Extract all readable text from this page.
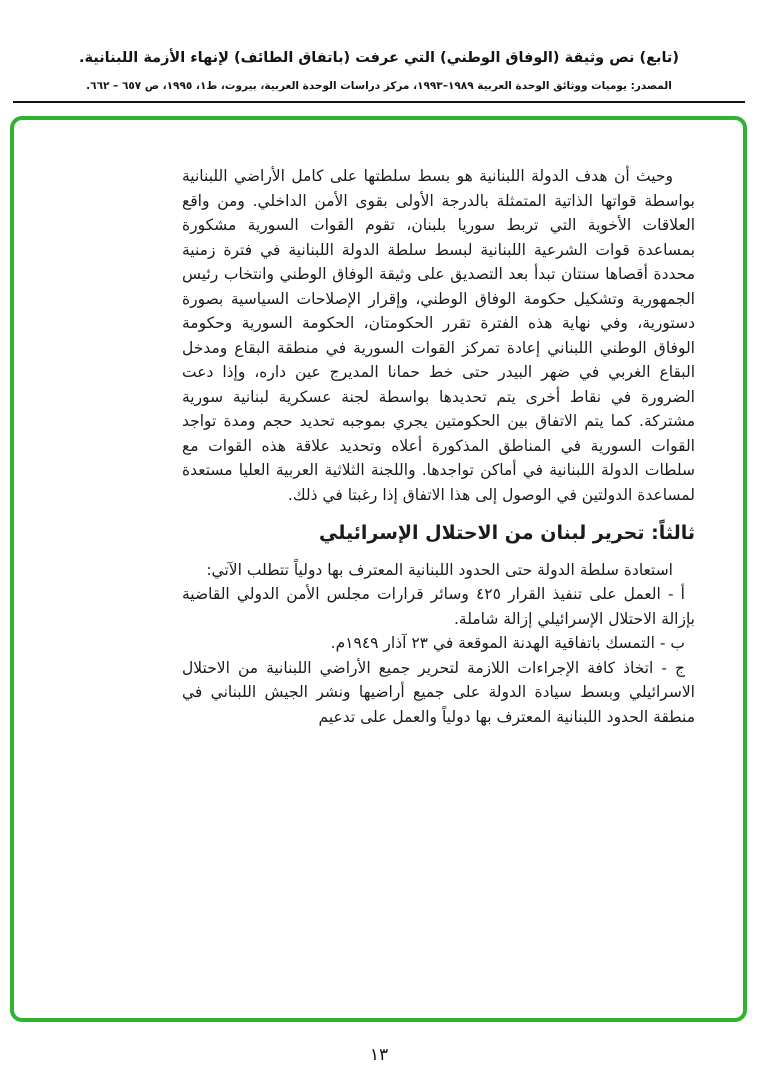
(تابع) نص وثيقة (الوفاق الوطني) التي عرفت (باتفاق الطائف) لإنهاء الأزمة اللبنانية.
المصدر: يوميات ووثائق الوحدة العربية ١٩٨٩–١٩٩٣، مركز دراسات الوحدة العربية، بيروت، ط١، ١٩٩٥، ص ٦٥٧ – ٦٦٢.

وحيث أن هدف الدولة اللبنانية هو بسط سلطتها على كامل الأراضي اللبنانية بواسطة قواتها الذاتية المتمثلة بالدرجة الأولى بقوى الأمن الداخلي. ومن واقع العلاقات الأخوية التي تربط سوريا بلبنان، تقوم القوات السورية مشكورة بمساعدة قوات الشرعية اللبنانية لبسط سلطة الدولة اللبنانية في فترة زمنية محددة أقصاها سنتان تبدأ بعد التصديق على وثيقة الوفاق الوطني وانتخاب رئيس الجمهورية وتشكيل حكومة الوفاق الوطني، وإقرار الإصلاحات السياسية بصورة دستورية، وفي نهاية هذه الفترة تقرر الحكومتان، الحكومة السورية وحكومة الوفاق الوطني اللبناني إعادة تمركز القوات السورية في منطقة البقاع ومدخل البقاع الغربي في ضهر البيدر حتى خط حمانا المديرج عين داره، وإذا دعت الضرورة في نقاط أخرى يتم تحديدها بواسطة لجنة عسكرية لبنانية سورية مشتركة. كما يتم الاتفاق بين الحكومتين يجري بموجبه تحديد حجم ومدة تواجد القوات السورية في المناطق المذكورة أعلاه وتحديد علاقة هذه القوات مع سلطات الدولة اللبنانية في أماكن تواجدها. واللجنة الثلاثية العربية العليا مستعدة لمساعدة الدولتين في الوصول إلى هذا الاتفاق إذا رغبتا في ذلك.

ثالثاً: تحرير لبنان من الاحتلال الإسرائيلي

استعادة سلطة الدولة حتى الحدود اللبنانية المعترف بها دولياً تتطلب الآتي:

أ - العمل على تنفيذ القرار ٤٢٥ وسائر قرارات مجلس الأمن الدولي القاضية بإزالة الاحتلال الإسرائيلي إزالة شاملة.

ب - التمسك باتفاقية الهدنة الموقعة في ٢٣ آذار ١٩٤٩م.

ج - اتخاذ كافة الإجراءات اللازمة لتحرير جميع الأراضي اللبنانية من الاحتلال الاسرائيلي وبسط سيادة الدولة على جميع أراضيها ونشر الجيش اللبناني في منطقة الحدود اللبنانية المعترف بها دولياً والعمل على تدعيم

١٣
